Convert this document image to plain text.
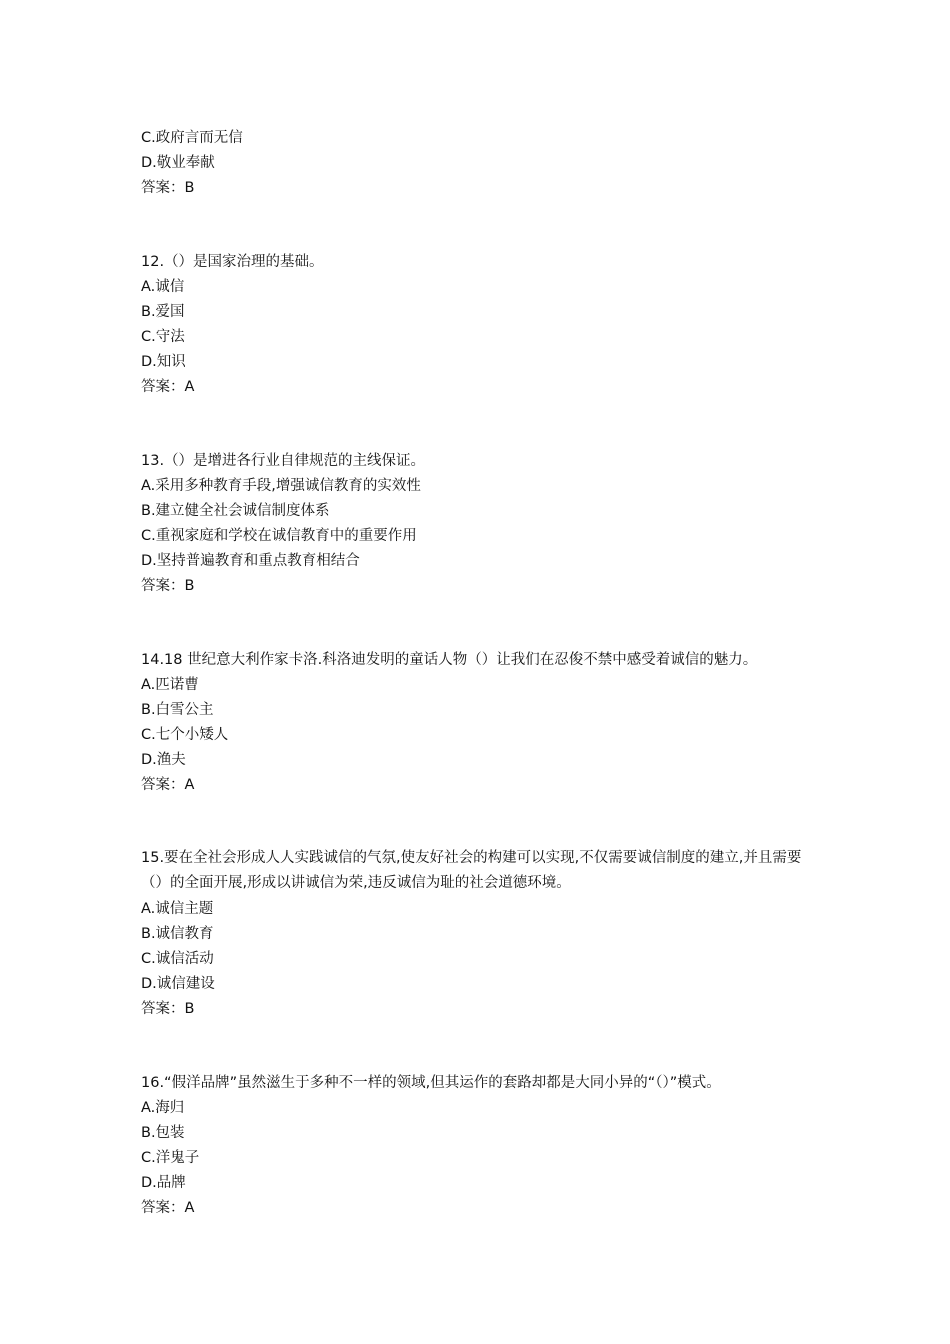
C.政府言而无信
D.敬业奉献
答案：B
12.（）是国家治理的基础。
A.诚信
B.爱国
C.守法
D.知识
答案：A
13.（）是增进各行业自律规范的主线保证。
A.采用多种教育手段,增强诚信教育的实效性
B.建立健全社会诚信制度体系
C.重视家庭和学校在诚信教育中的重要作用
D.坚持普遍教育和重点教育相结合
答案：B
14.18 世纪意大利作家卡洛.科洛迪发明的童话人物（）让我们在忍俊不禁中感受着诚信的魅力。
A.匹诺曹
B.白雪公主
C.七个小矮人
D.渔夫
答案：A
15.要在全社会形成人人实践诚信的气氛,使友好社会的构建可以实现,不仅需要诚信制度的建立,并且需要（）的全面开展,形成以讲诚信为荣,违反诚信为耻的社会道德环境。
A.诚信主题
B.诚信教育
C.诚信活动
D.诚信建设
答案：B
16.“假洋品牌”虽然滋生于多种不一样的领域,但其运作的套路却都是大同小异的“（）”模式。
A.海归
B.包装
C.洋鬼子
D.品牌
答案：A
